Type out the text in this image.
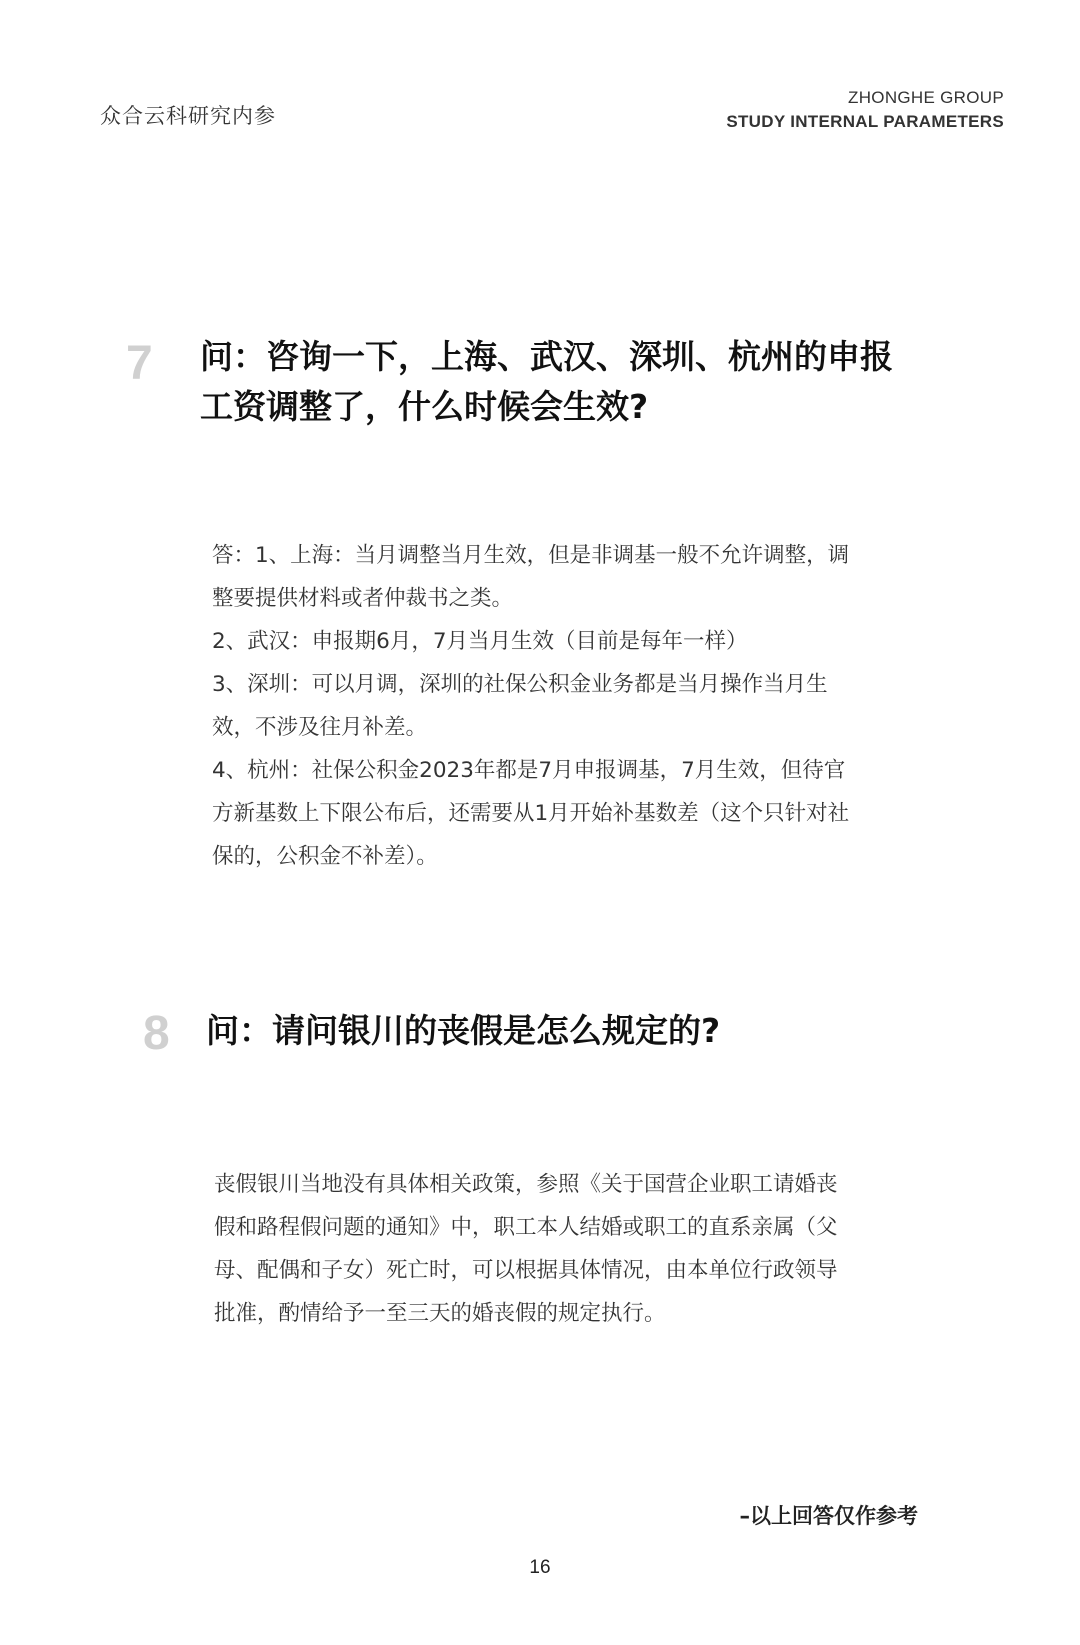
众合云科研究内参
ZHONGHE GROUP
STUDY INTERNAL PARAMETERS
7 问：咨询一下，上海、武汉、深圳、杭州的申报
工资调整了，什么时候会生效?

答：1、上海：当月调整当月生效，但是非调基一般不允许调整，调

整要提供材料或者仲裁书之类。

2、武汉：申报期6月，7月当月生效（目前是每年一样）

3、深圳：可以月调，深圳的社保公积金业务都是当月操作当月生

效，不涉及往月补差。

4、杭州：社保公积金2023年都是7月申报调基，7月生效，但待官

方新基数上下限公布后，还需要从1月开始补基数差（这个只针对社

保的，公积金不补差）。

8 问：请问银川的丧假是怎么规定的?

丧假银川当地没有具体相关政策，参照《关于国营企业职工请婚丧

假和路程假问题的通知》中，职工本人结婚或职工的直系亲属（父

母、配偶和子女）死亡时，可以根据具体情况，由本单位行政领导

批准，酌情给予一至三天的婚丧假的规定执行。

–以上回答仅作参考
16
